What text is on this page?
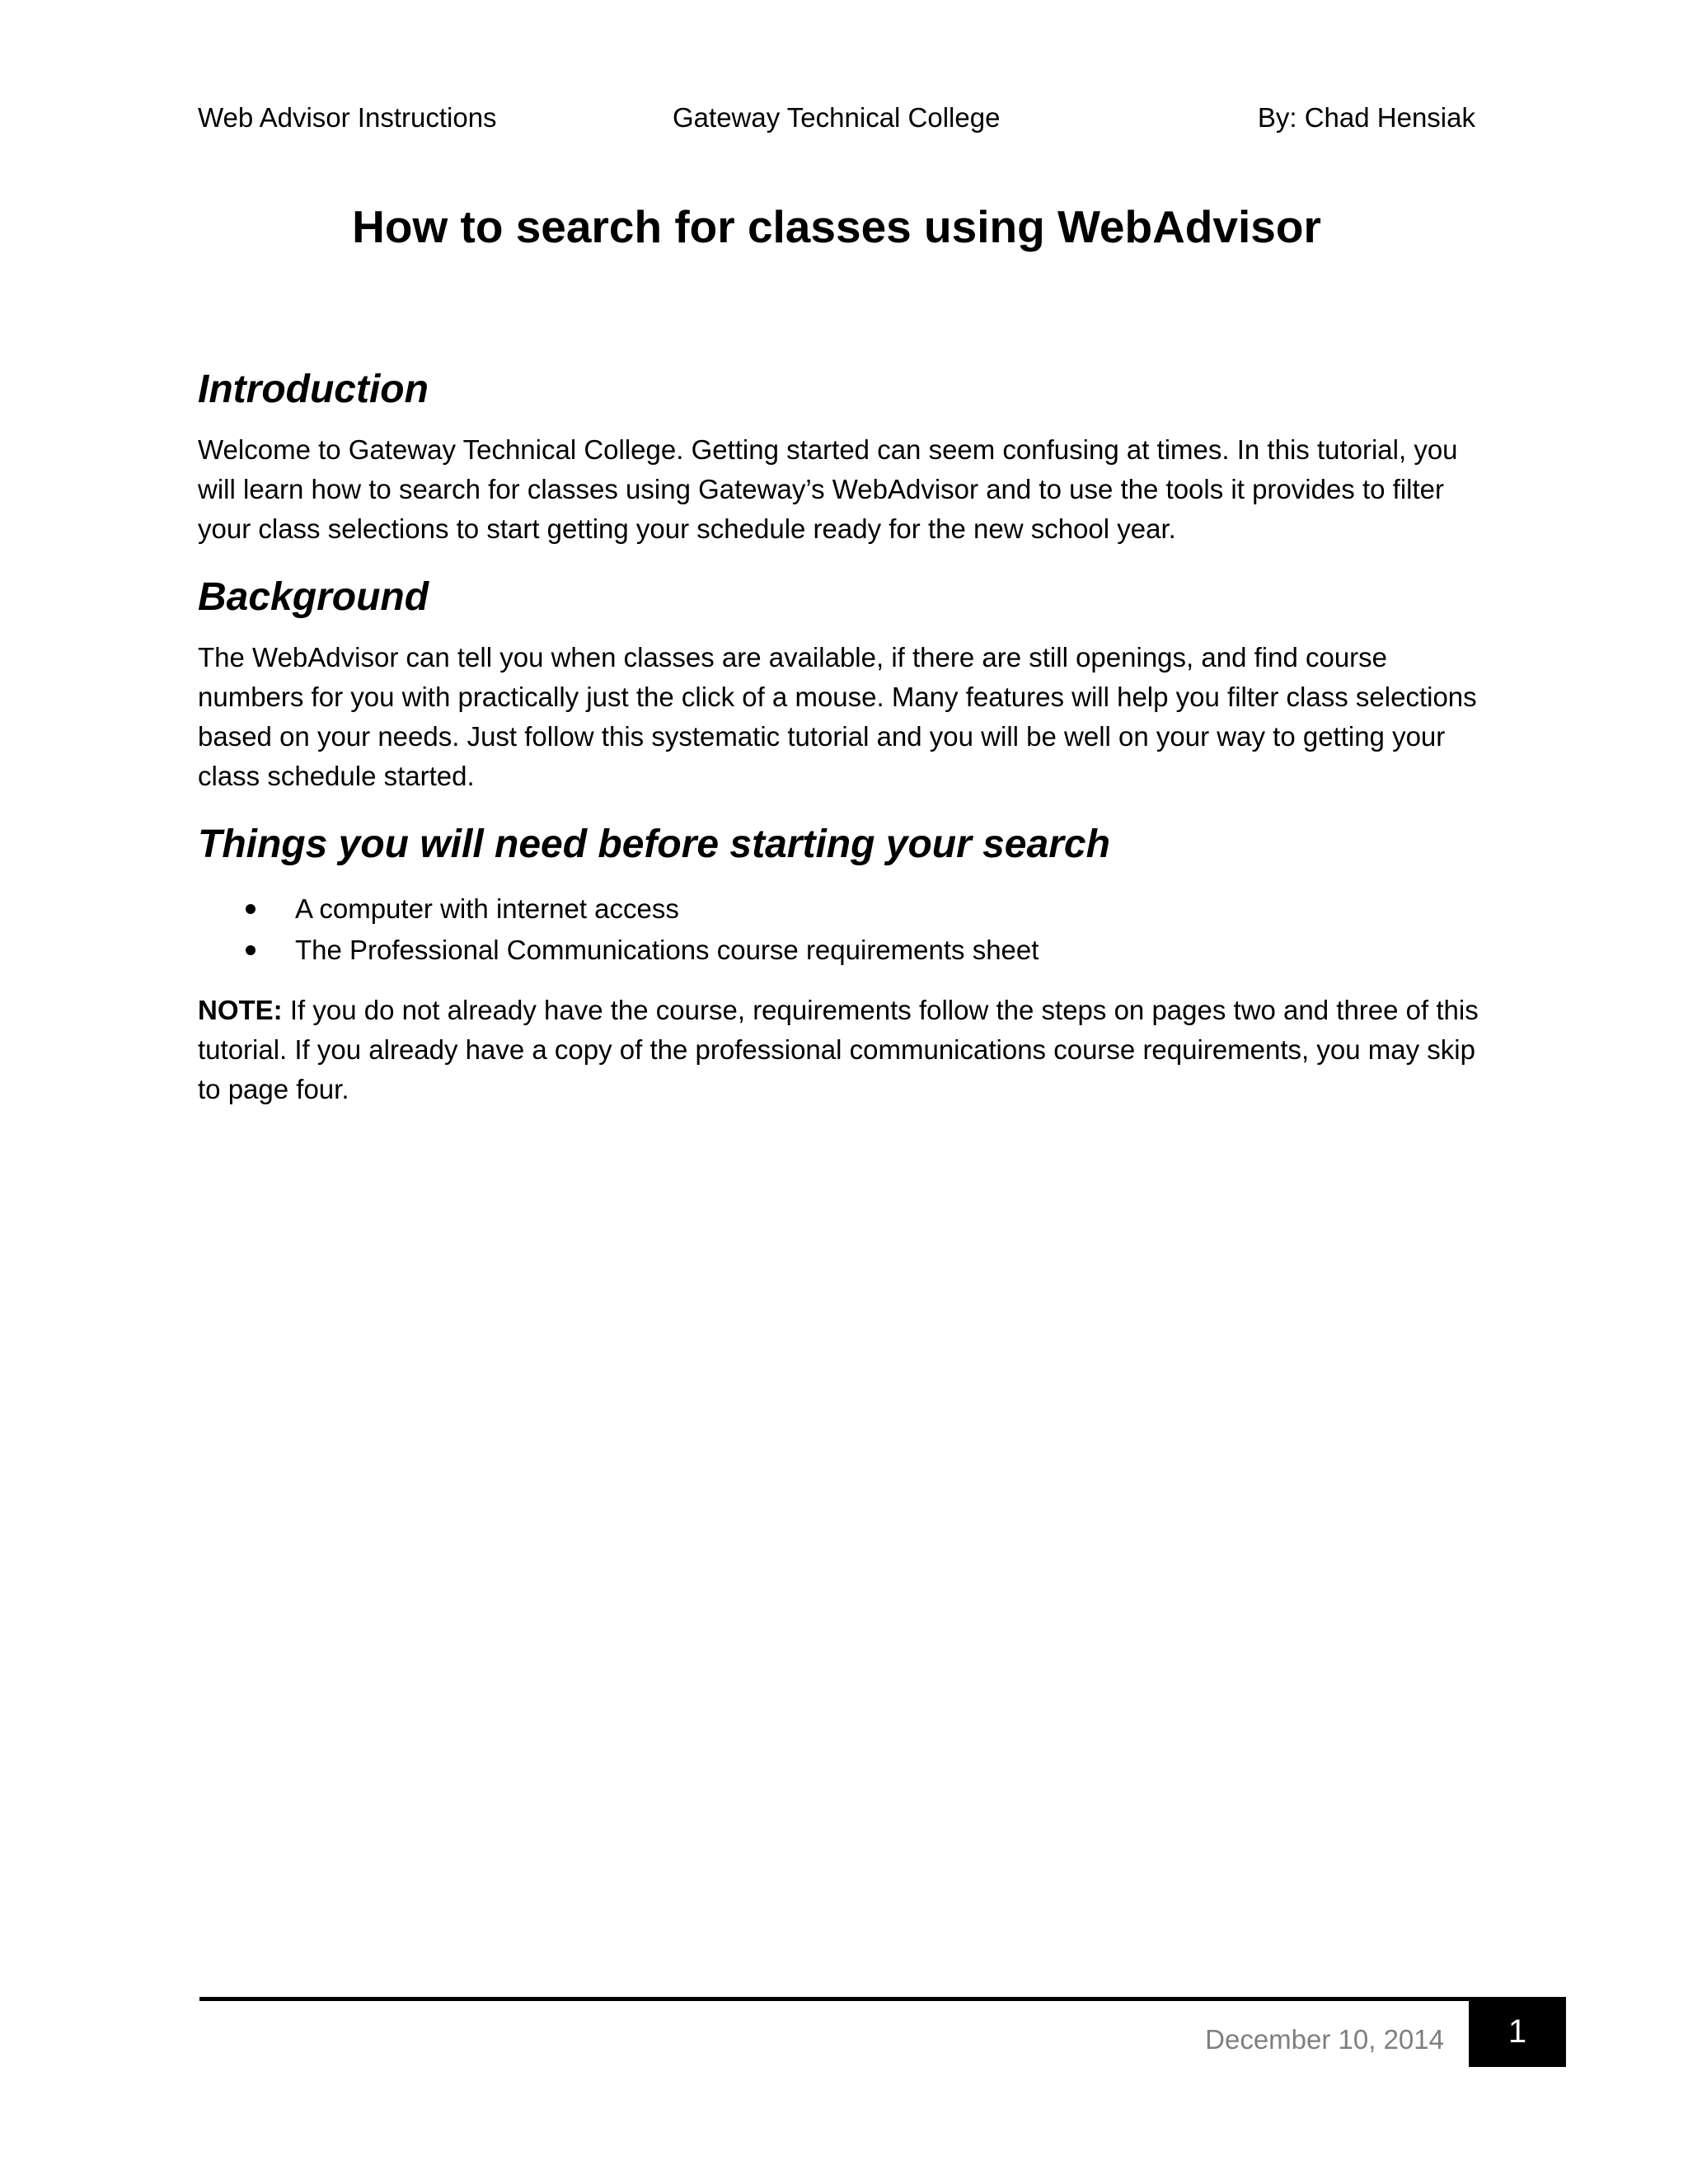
Web Advisor Instructions	Gateway Technical College	By: Chad Hensiak
How to search for classes using WebAdvisor
Introduction

Welcome to Gateway Technical College. Getting started can seem confusing at times. In this tutorial, you will learn how to search for classes using Gateway’s WebAdvisor and to use the tools it provides to filter your class selections to start getting your schedule ready for the new school year.

Background

The WebAdvisor can tell you when classes are available, if there are still openings, and find course numbers for you with practically just the click of a mouse. Many features will help you filter class selections based on your needs. Just follow this systematic tutorial and you will be well on your way to getting your class schedule started.

Things you will need before starting your search
A computer with internet access
The Professional Communications course requirements sheet

NOTE: If you do not already have the course, requirements follow the steps on pages two and three of this tutorial. If you already have a copy of the professional communications course requirements, you may skip to page four.

December 10, 2014	1
